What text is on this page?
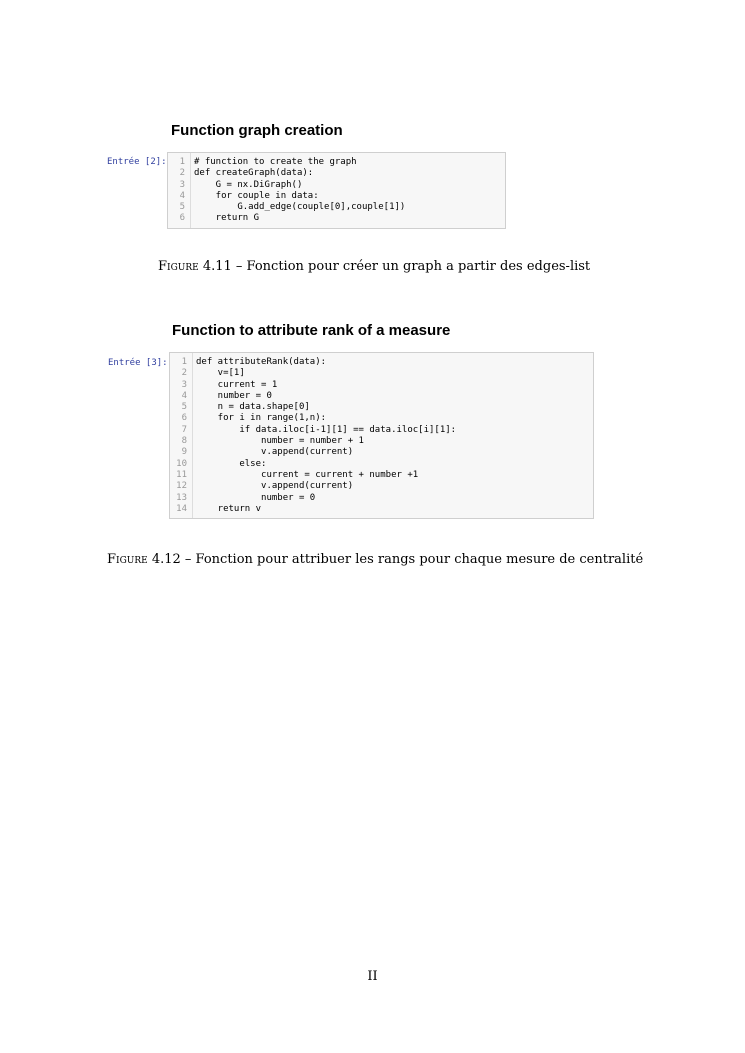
Function graph creation
Entrée [2]:	1 # function to create the graph
2 def createGraph(data):
3 G = nx.DiGraph()
4 for couple in data:
5 G.add_edge(couple[0],couple[1])
6 return G
Figure 4.11 – Fonction pour créer un graph a partir des edges-list
Function to attribute rank of a measure
Entrée [3]:	1 def attributeRank(data):
2 v=[1]
3 current = 1
4 number = 0
5 n = data.shape[0]
6 for i in range(1,n):
7 if data.iloc[i-1][1] == data.iloc[i][1]:
8 number = number + 1
9 v.append(current)
10 else:
11 current = current + number +1
12 v.append(current)
13 number = 0
14 return v
Figure 4.12 – Fonction pour attribuer les rangs pour chaque mesure de centralité
II
